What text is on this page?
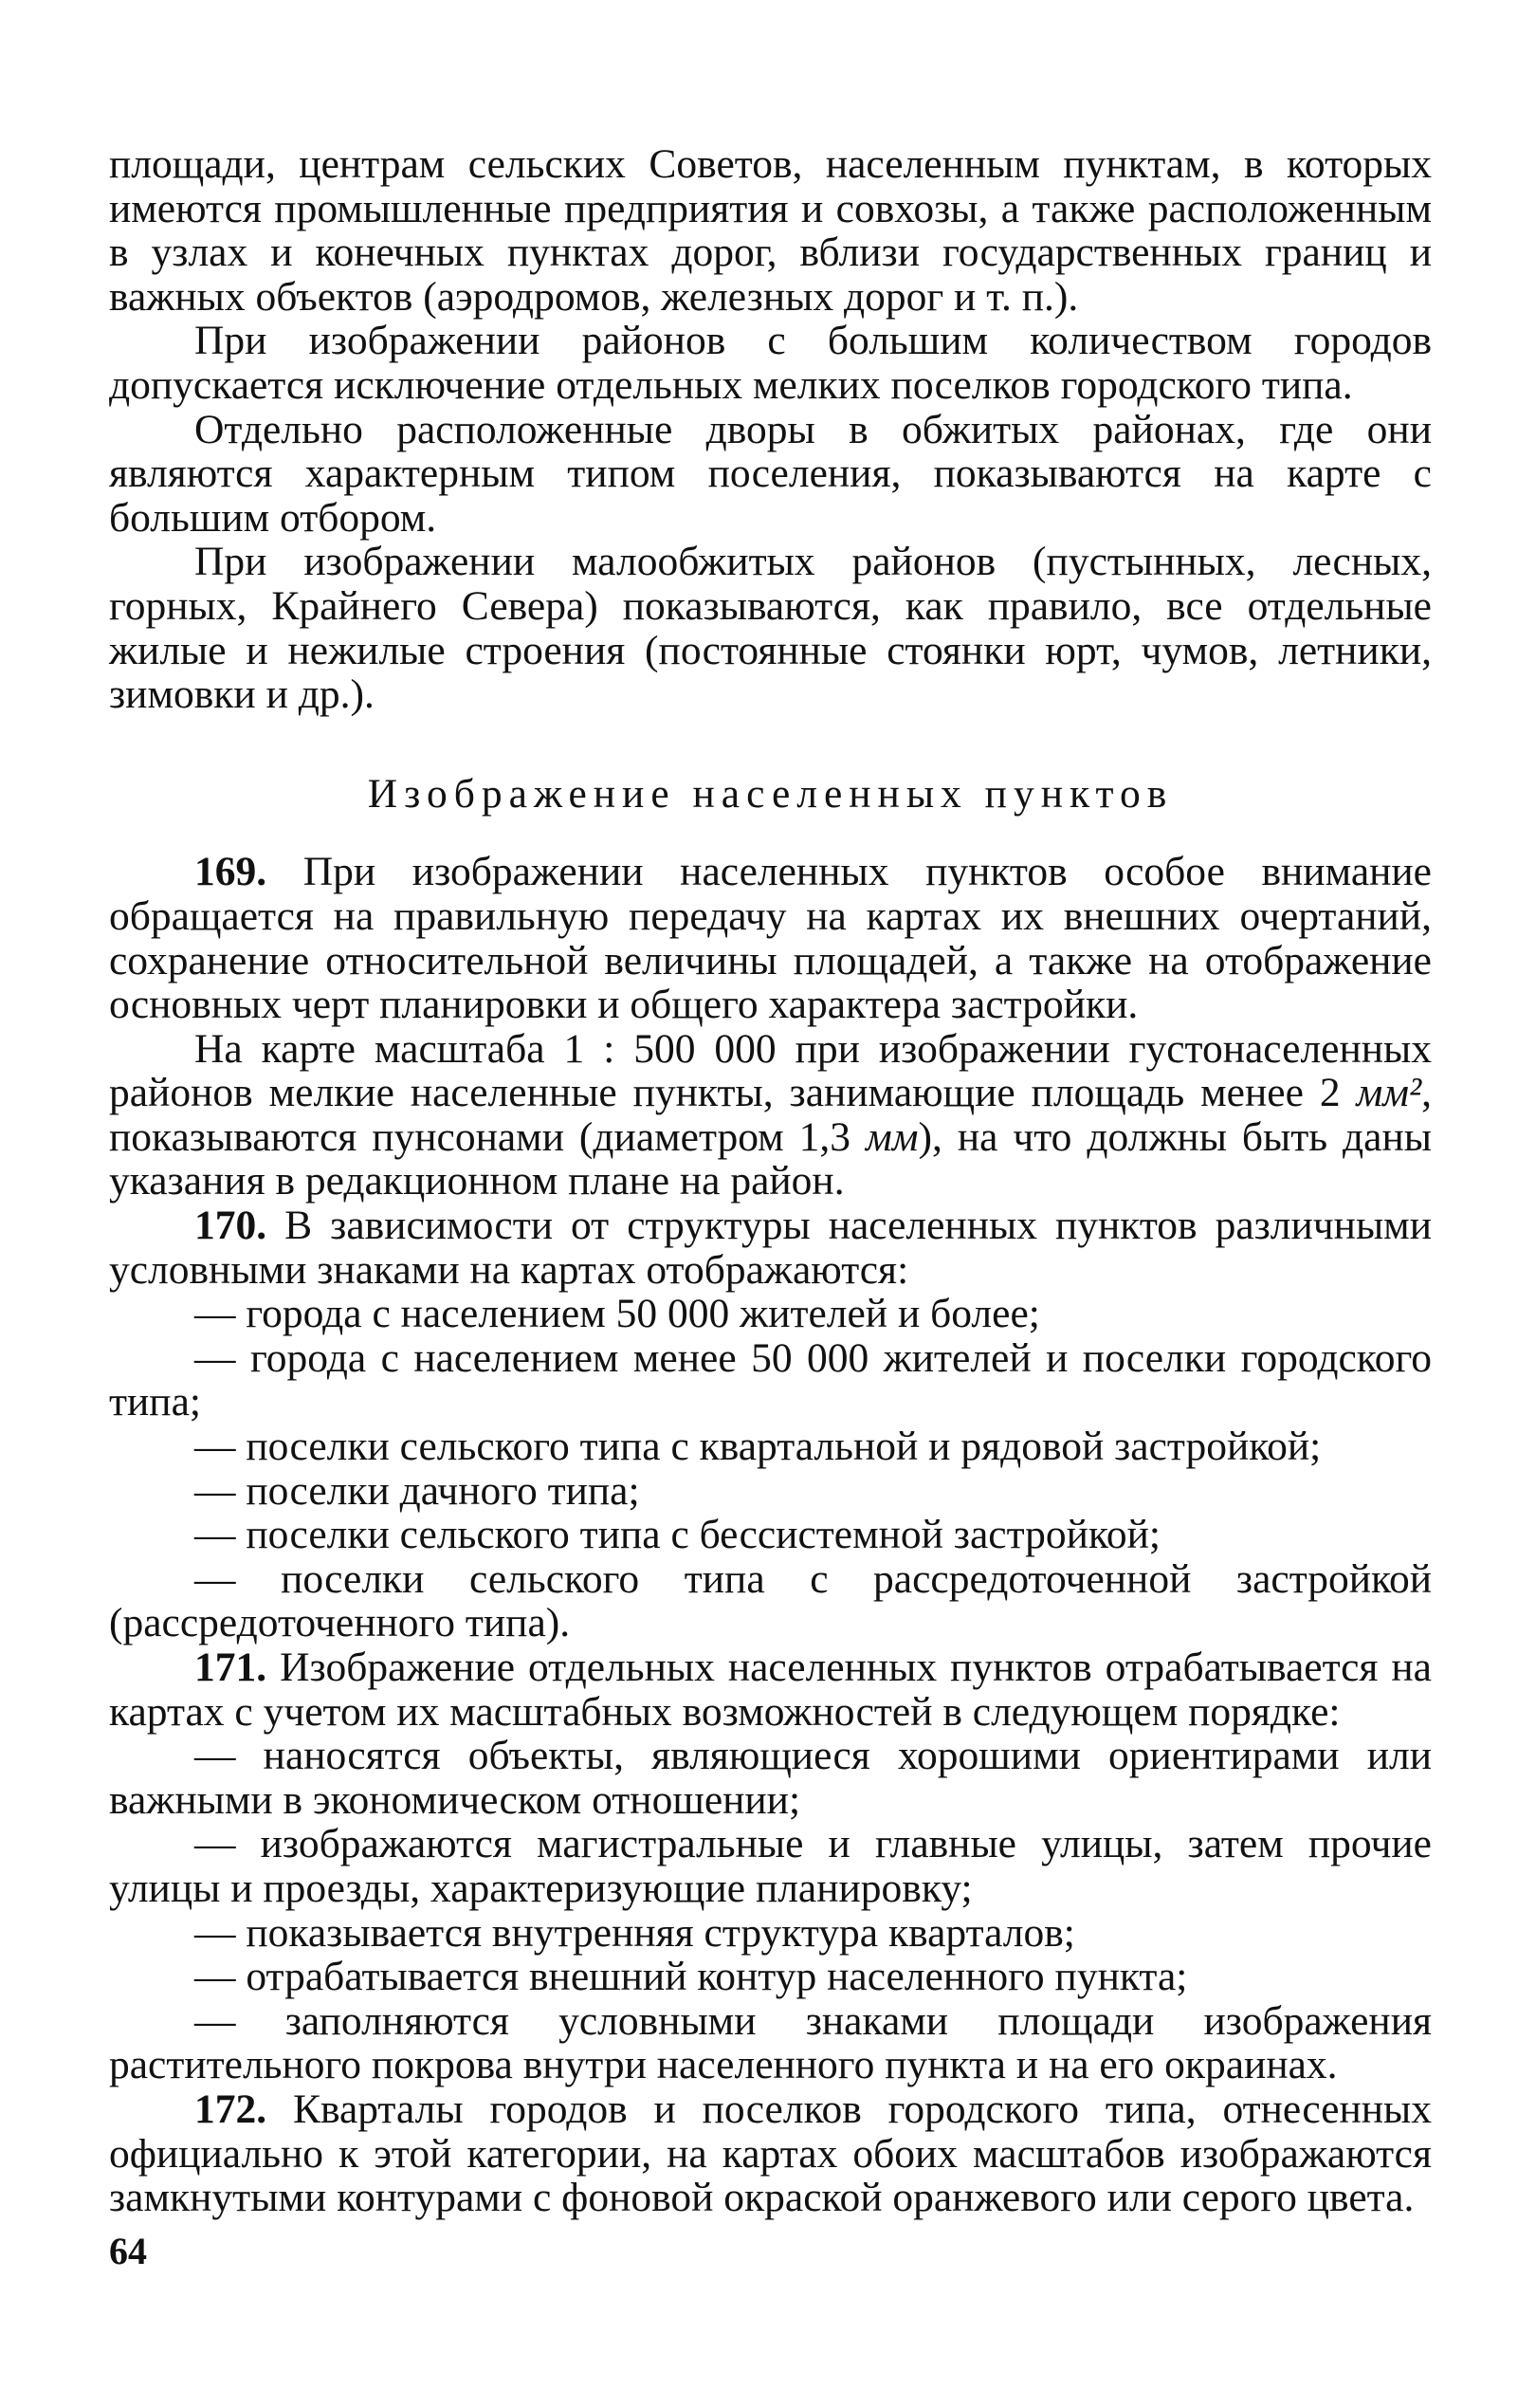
площади, центрам сельских Советов, населенным пунктам, в которых имеются промышленные предприятия и совхозы, а также расположенным в узлах и конечных пунктах дорог, вблизи государственных границ и важных объектов (аэродромов, железных дорог и т. п.).

При изображении районов с большим количеством городов допускается исключение отдельных мелких поселков городского типа.

Отдельно расположенные дворы в обжитых районах, где они являются характерным типом поселения, показываются на карте с большим отбором.

При изображении малообжитых районов (пустынных, лесных, горных, Крайнего Севера) показываются, как правило, все отдельные жилые и нежилые строения (постоянные стоянки юрт, чумов, летники, зимовки и др.).

Изображение населенных пунктов

169. При изображении населенных пунктов особое внимание обращается на правильную передачу на картах их внешних очертаний, сохранение относительной величины площадей, а также на отображение основных черт планировки и общего характера застройки.

На карте масштаба 1 : 500 000 при изображении густонаселенных районов мелкие населенные пункты, занимающие площадь менее 2 мм², показываются пунсонами (диаметром 1,3 мм), на что должны быть даны указания в редакционном плане на район.

170. В зависимости от структуры населенных пунктов различными условными знаками на картах отображаются:

— города с населением 50 000 жителей и более;

— города с населением менее 50 000 жителей и поселки городского типа;

— поселки сельского типа с квартальной и рядовой застройкой;

— поселки дачного типа;

— поселки сельского типа с бессистемной застройкой;

— поселки сельского типа с рассредоточенной застройкой (рассредоточенного типа).

171. Изображение отдельных населенных пунктов отрабатывается на картах с учетом их масштабных возможностей в следующем порядке:

— наносятся объекты, являющиеся хорошими ориентирами или важными в экономическом отношении;

— изображаются магистральные и главные улицы, затем прочие улицы и проезды, характеризующие планировку;

— показывается внутренняя структура кварталов;

— отрабатывается внешний контур населенного пункта;

— заполняются условными знаками площади изображения растительного покрова внутри населенного пункта и на его окраинах.

172. Кварталы городов и поселков городского типа, отнесенных официально к этой категории, на картах обоих масштабов изображаются замкнутыми контурами с фоновой окраской оранжевого или серого цвета.

64
